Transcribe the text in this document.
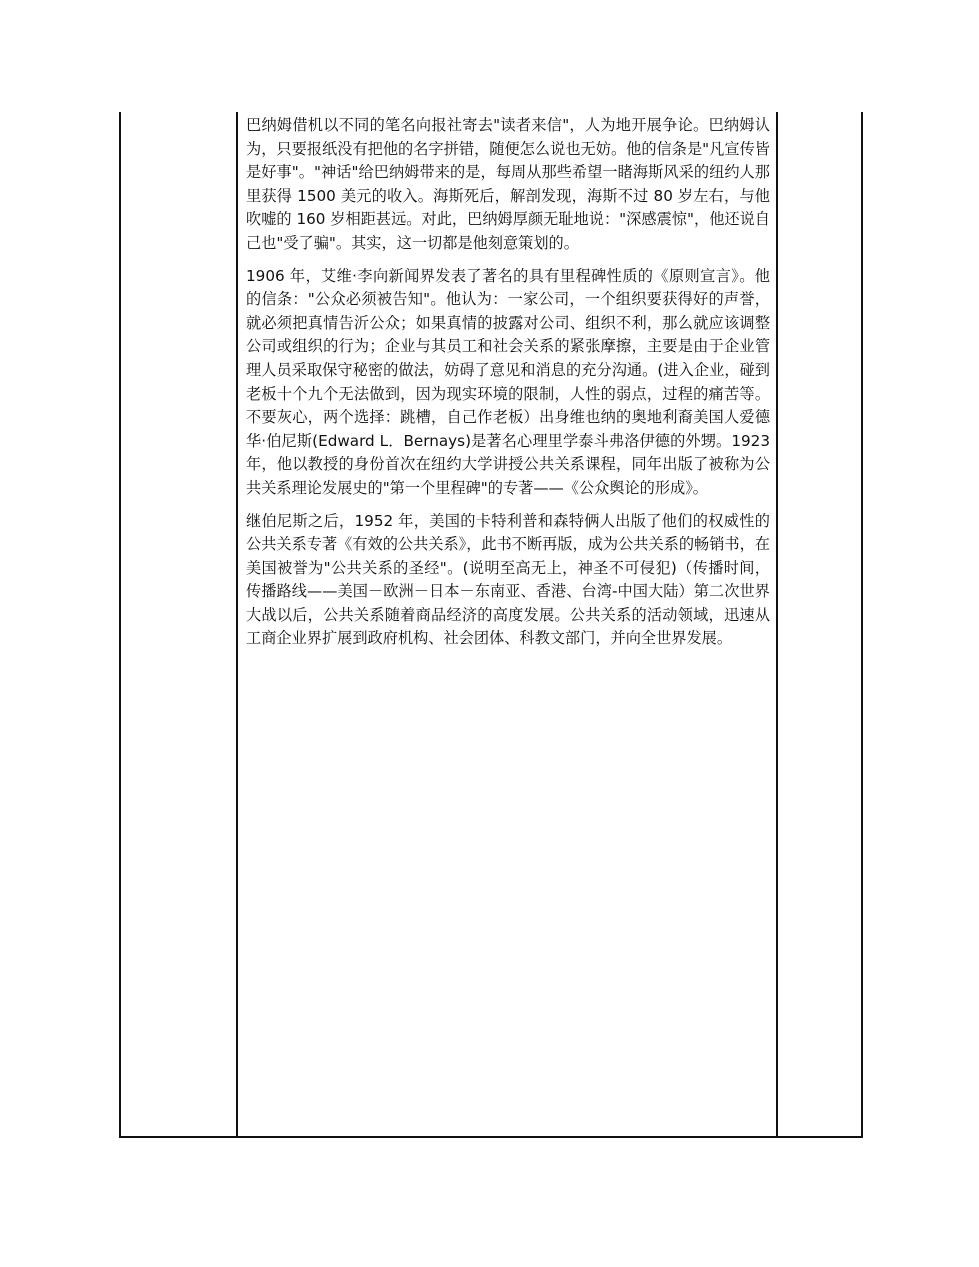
巴纳姆借机以不同的笔名向报社寄去"读者来信"，人为地开展争论。巴纳姆认为，只要报纸没有把他的名字拼错，随便怎么说也无妨。他的信条是"凡宣传皆是好事"。"神话"给巴纳姆带来的是，每周从那些希望一睹海斯风采的纽约人那里获得 1500 美元的收入。海斯死后，解剖发现，海斯不过 80 岁左右，与他吹嘘的 160 岁相距甚远。对此，巴纳姆厚颜无耻地说："深感震惊"，他还说自己也"受了骗"。其实，这一切都是他刻意策划的。

1906 年，艾维·李向新闻界发表了著名的具有里程碑性质的《原则宣言》。他的信条："公众必须被告知"。他认为：一家公司，一个组织要获得好的声誉，就必须把真情告沂公众；如果真情的披露对公司、组织不利，那么就应该调整公司或组织的行为；企业与其员工和社会关系的紧张摩擦，主要是由于企业管理人员采取保守秘密的做法，妨碍了意见和消息的充分沟通。(进入企业，碰到老板十个九个无法做到，因为现实环境的限制，人性的弱点，过程的痛苦等。不要灰心，两个选择：跳槽，自己作老板）出身维也纳的奥地利裔美国人爱德华·伯尼斯(Edward L．Bernays)是著名心理里学泰斗弗洛伊德的外甥。1923 年，他以教授的身份首次在纽约大学讲授公共关系课程，同年出版了被称为公共关系理论发展史的"第一个里程碑"的专著——《公众舆论的形成》。

继伯尼斯之后，1952 年，美国的卡特利普和森特俩人出版了他们的权威性的公共关系专著《有效的公共关系》，此书不断再版，成为公共关系的畅销书，在美国被誉为"公共关系的圣经"。(说明至高无上，神圣不可侵犯)（传播时间，传播路线——美国－欧洲－日本－东南亚、香港、台湾-中国大陆）第二次世界大战以后，公共关系随着商品经济的高度发展。公共关系的活动领域，迅速从工商企业界扩展到政府机构、社会团体、科教文部门，并向全世界发展。
